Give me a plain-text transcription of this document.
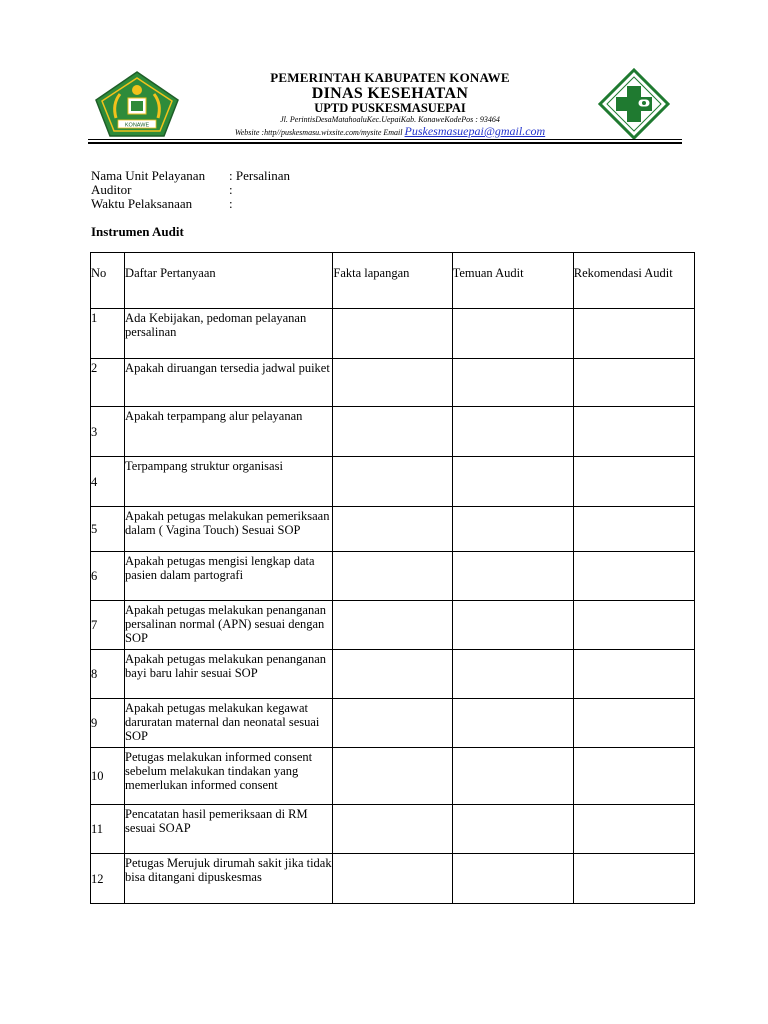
KONAWE
PEMERINTAH KABUPATEN KONAWE
DINAS KESEHATAN
UPTD PUSKESMASUEPAI
Jl. PerintisDesaMatahoaluKec.UepaiKab. KonaweKodePos : 93464
Website :http//puskesmasu.wixsite.com/mysite Email Puskesmasuepai@gmail.com
Nama Unit Pelayanan : Persalinan
Auditor	:
Waktu Pelaksanaan	:
Instrumen Audit
No	Daftar Pertanyaan	Fakta lapangan	Temuan Audit	Rekomendasi Audit
1	Ada Kebijakan, pedoman pelayanan persalinan			
2	Apakah diruangan tersedia jadwal puiket			
3	Apakah terpampang alur pelayanan			
4	Terpampang struktur organisasi			
5	Apakah petugas melakukan pemeriksaan dalam ( Vagina Touch) Sesuai SOP			
6	Apakah petugas mengisi lengkap data pasien dalam partografi			
7	Apakah petugas melakukan penanganan persalinan normal (APN) sesuai dengan SOP			
8	Apakah petugas melakukan penanganan bayi baru lahir sesuai SOP			
9	Apakah petugas melakukan kegawat daruratan maternal dan neonatal sesuai SOP			
10	Petugas melakukan informed consent sebelum melakukan tindakan yang memerlukan informed consent			
11	Pencatatan hasil pemeriksaan di RM sesuai SOAP			
12	Petugas Merujuk dirumah sakit jika tidak bisa ditangani dipuskesmas			
